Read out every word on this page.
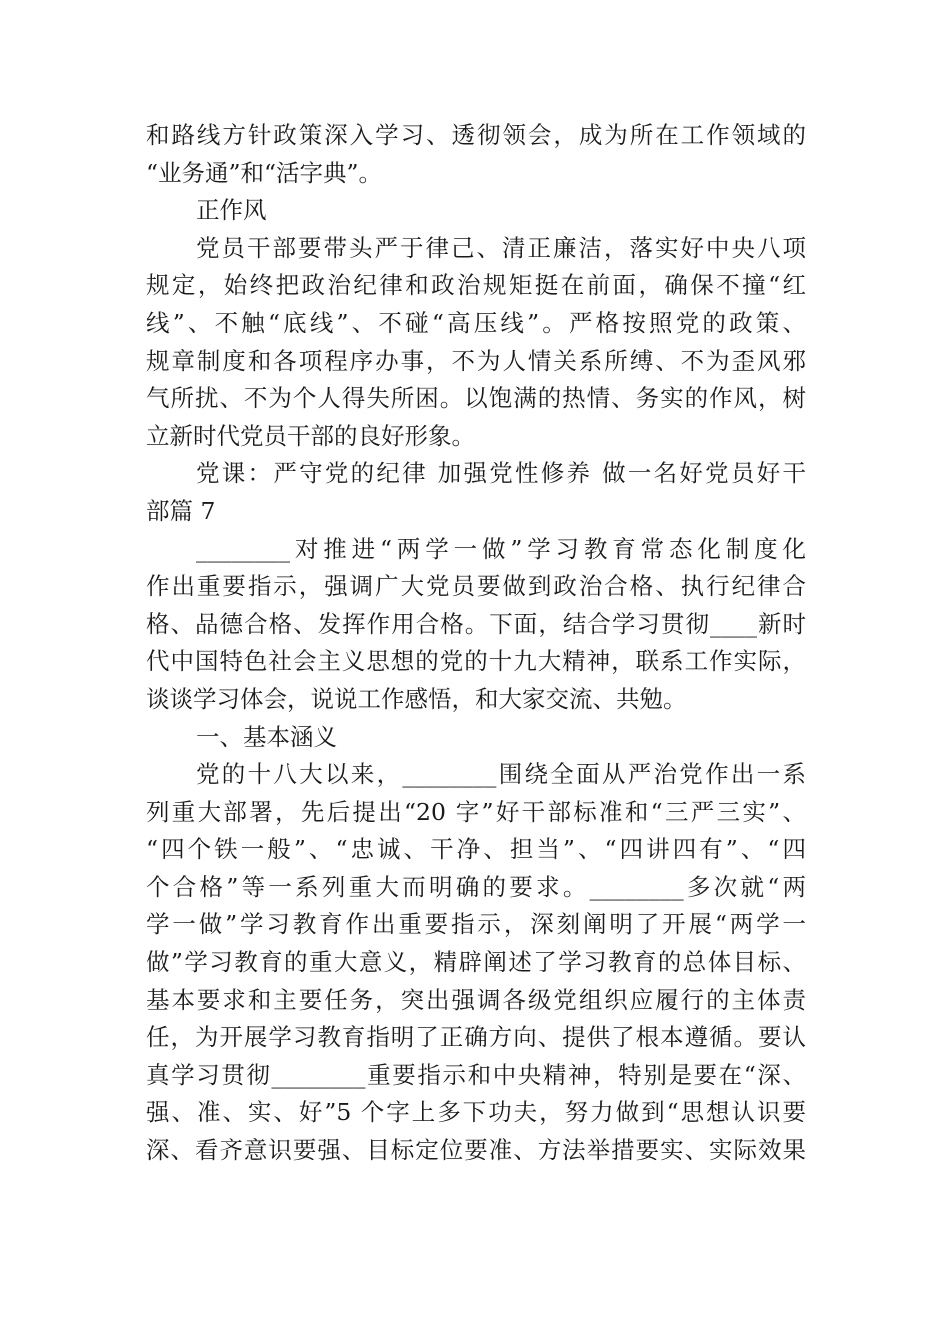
和路线方针政策深入学习、透彻领会，成为所在工作领域的
“业务通”和“活字典”。
正作风
党员干部要带头严于律己、清正廉洁，落实好中央八项
规定，始终把政治纪律和政治规矩挺在前面，确保不撞“红
线”、不触“底线”、不碰“高压线”。严格按照党的政策、
规章制度和各项程序办事，不为人情关系所缚、不为歪风邪
气所扰、不为个人得失所困。以饱满的热情、务实的作风，树
立新时代党员干部的良好形象。
党课：严守党的纪律 加强党性修养 做一名好党员好干
部篇 7
________对推进“两学一做”学习教育常态化制度化
作出重要指示，强调广大党员要做到政治合格、执行纪律合
格、品德合格、发挥作用合格。下面，结合学习贯彻____新时
代中国特色社会主义思想的党的十九大精神，联系工作实际，
谈谈学习体会，说说工作感悟，和大家交流、共勉。
一、基本涵义
党的十八大以来，________围绕全面从严治党作出一系
列重大部署，先后提出“20 字”好干部标准和“三严三实”、
“四个铁一般”、“忠诚、干净、担当”、“四讲四有”、“四
个合格”等一系列重大而明确的要求。________多次就“两
学一做”学习教育作出重要指示，深刻阐明了开展“两学一
做”学习教育的重大意义，精辟阐述了学习教育的总体目标、
基本要求和主要任务，突出强调各级党组织应履行的主体责
任，为开展学习教育指明了正确方向、提供了根本遵循。要认
真学习贯彻________重要指示和中央精神，特别是要在“深、
强、准、实、好”5 个字上多下功夫，努力做到“思想认识要
深、看齐意识要强、目标定位要准、方法举措要实、实际效果
